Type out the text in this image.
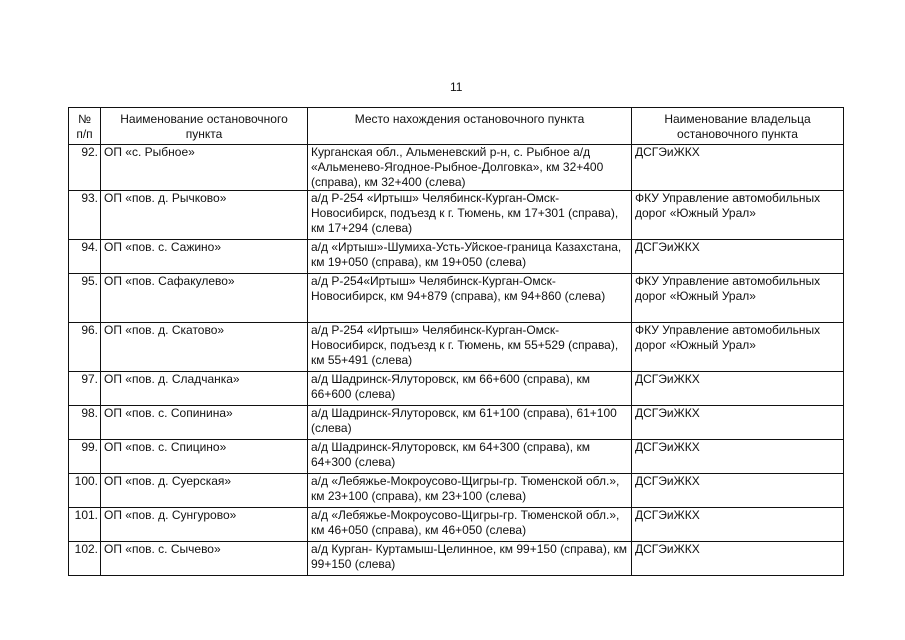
11
№ п/п	Наименование остановочного пункта	Место нахождения остановочного пункта	Наименование владельца остановочного пункта
92.	ОП «с. Рыбное»	Курганская обл., Альменевский р-н, с. Рыбное а/д «Альменево-Ягодное-Рыбное-Долговка», км 32+400 (справа), км 32+400 (слева)	ДСГЭиЖКХ
93.	ОП «пов. д. Рычково»	а/д Р-254 «Иртыш» Челябинск-Курган-Омск-Новосибирск, подъезд к г. Тюмень, км 17+301 (справа), км 17+294 (слева)	ФКУ Управление автомобильных дорог «Южный Урал»
94.	ОП «пов. с. Сажино»	а/д «Иртыш»-Шумиха-Усть-Уйское-граница Казахстана, км 19+050 (справа), км 19+050 (слева)	ДСГЭиЖКХ
95.	ОП «пов. Сафакулево»	а/д Р-254«Иртыш» Челябинск-Курган-Омск-Новосибирск, км 94+879 (справа), км 94+860 (слева)	ФКУ Управление автомобильных дорог «Южный Урал»
96.	ОП «пов. д. Скатово»	а/д Р-254 «Иртыш» Челябинск-Курган-Омск-Новосибирск, подъезд к г. Тюмень, км 55+529 (справа), км 55+491 (слева)	ФКУ Управление автомобильных дорог «Южный Урал»
97.	ОП «пов. д. Сладчанка»	а/д Шадринск-Ялуторовск, км 66+600 (справа), км 66+600 (слева)	ДСГЭиЖКХ
98.	ОП «пов. с. Сопинина»	а/д Шадринск-Ялуторовск, км 61+100 (справа), 61+100 (слева)	ДСГЭиЖКХ
99.	ОП «пов. с. Спицино»	а/д Шадринск-Ялуторовск, км 64+300 (справа), км 64+300 (слева)	ДСГЭиЖКХ
100.	ОП «пов. д. Суерская»	а/д «Лебяжье-Мокроусово-Щигры-гр. Тюменской обл.», км 23+100 (справа), км 23+100 (слева)	ДСГЭиЖКХ
101.	ОП «пов. д. Сунгурово»	а/д «Лебяжье-Мокроусово-Щигры-гр. Тюменской обл.», км 46+050 (справа), км 46+050 (слева)	ДСГЭиЖКХ
102.	ОП «пов. с. Сычево»	а/д Курган- Куртамыш-Целинное, км 99+150 (справа), км 99+150 (слева)	ДСГЭиЖКХ
